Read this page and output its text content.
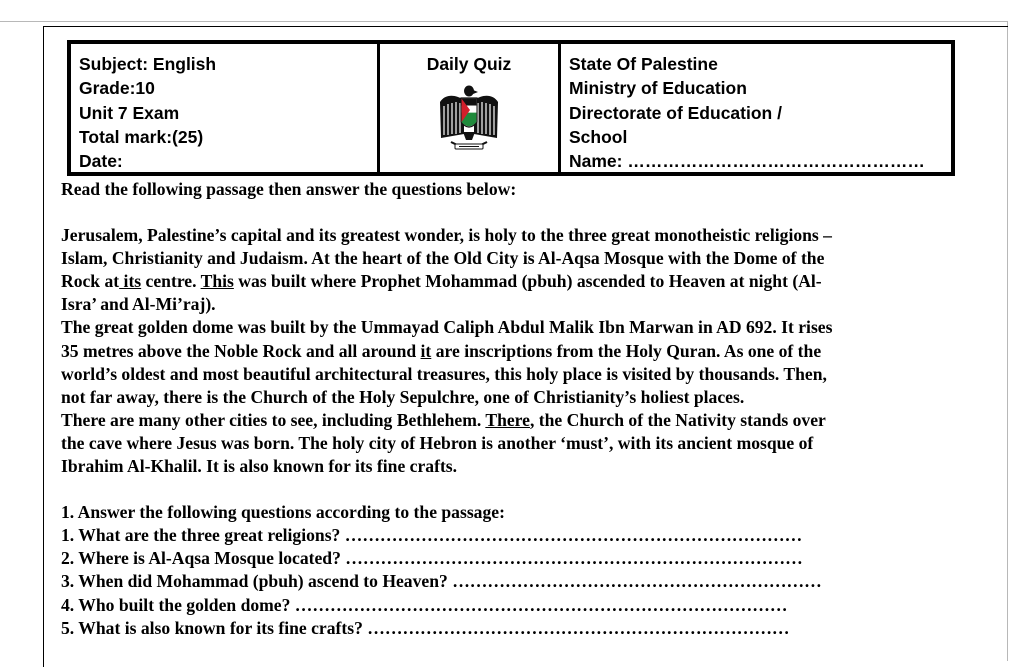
Subject: English
Grade:10
Unit 7 Exam
Total mark:(25)
Date:
Daily Quiz	State Of Palestine
Ministry of Education
Directorate of Education /
School
Name: ……………………………………………

Read the following passage then answer the questions below:

Jerusalem, Palestine’s capital and its greatest wonder, is holy to the three great monotheistic religions –
Islam, Christianity and Judaism. At the heart of the Old City is Al-Aqsa Mosque with the Dome of the
Rock at its centre. This was built where Prophet Mohammad (pbuh) ascended to Heaven at night (Al-
Isra’ and Al-Mi’raj).
The great golden dome was built by the Ummayad Caliph Abdul Malik Ibn Marwan in AD 692. It rises
35 metres above the Noble Rock and all around it are inscriptions from the Holy Quran. As one of the
world’s oldest and most beautiful architectural treasures, this holy place is visited by thousands. Then,
not far away, there is the Church of the Holy Sepulchre, one of Christianity’s holiest places.
There are many other cities to see, including Bethlehem. There, the Church of the Nativity stands over
the cave where Jesus was born. The holy city of Hebron is another ‘must’, with its ancient mosque of
Ibrahim Al-Khalil. It is also known for its fine crafts.
1. Answer the following questions according to the passage:
1. What are the three great religions? ……………………………………………………………………
2. Where is Al-Aqsa Mosque located? ……………………………………………………………………
3. When did Mohammad (pbuh) ascend to Heaven? ………………………………………………………
4. Who built the golden dome? …………………………………………………………………………
5. What is also known for its fine crafts? ………………………………………………………………
